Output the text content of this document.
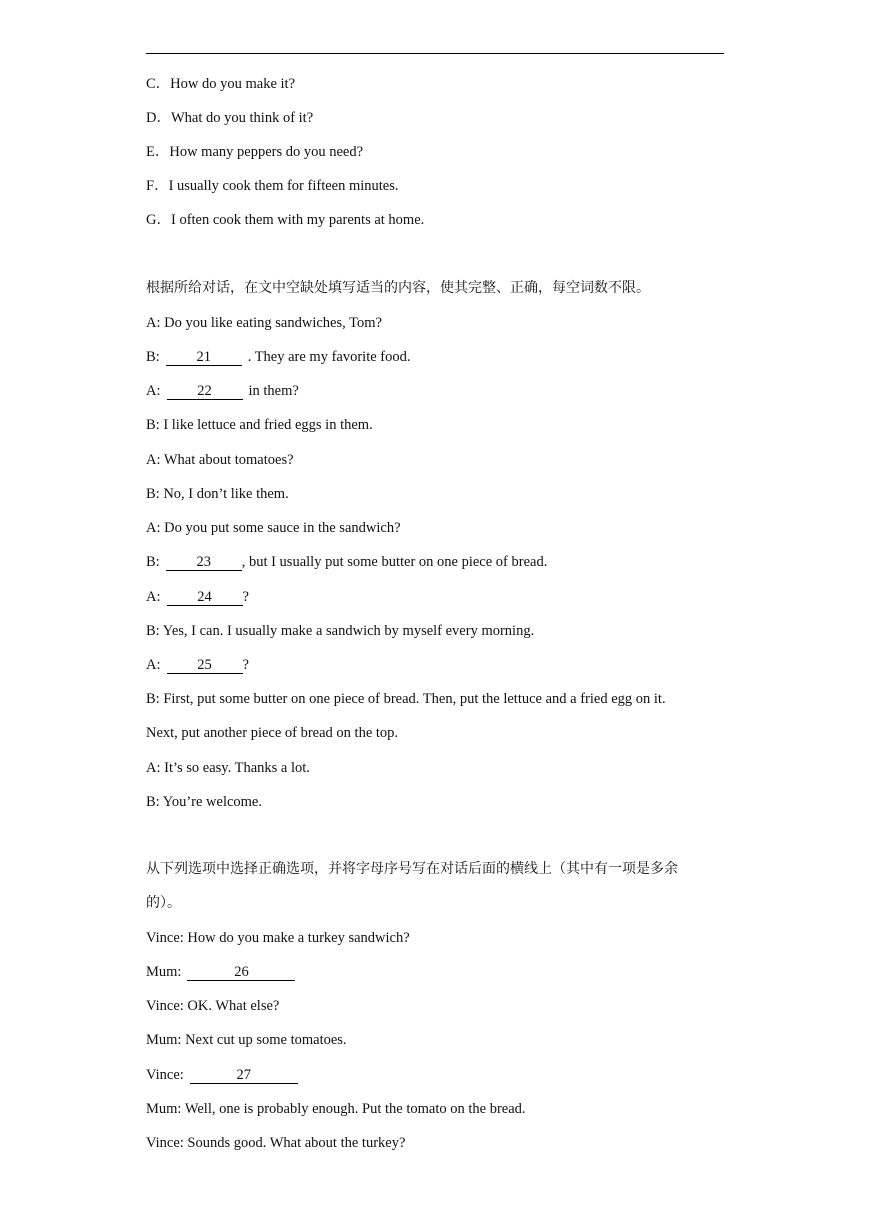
C．How do you make it?
D．What do you think of it?
E．How many peppers do you need?
F．I usually cook them for fifteen minutes.
G．I often cook them with my parents at home.
根据所给对话，在文中空缺处填写适当的内容，使其完整、正确，每空词数不限。
A: Do you like eating sandwiches, Tom?
B:	21	. They are my favorite food.
A:	22	in them?
B: I like lettuce and fried eggs in them.
A: What about tomatoes?
B: No, I don’t like them.
A: Do you put some sauce in the sandwich?
B:	23 , but I usually put some butter on one piece of bread.
A:	24 ?
B: Yes, I can. I usually make a sandwich by myself every morning.
A:	25 ?
B: First, put some butter on one piece of bread. Then, put the lettuce and a fried egg on it.
Next, put another piece of bread on the top.
A: It’s so easy. Thanks a lot.
B: You’re welcome.
从下列选项中选择正确选项，并将字母序号写在对话后面的横线上（其中有一项是多余
的）。
Vince: How do you make a turkey sandwich?
Mum:	26
Vince: OK. What else?
Mum: Next cut up some tomatoes.
Vince:	27
Mum: Well, one is probably enough. Put the tomato on the bread.
Vince: Sounds good. What about the turkey?
